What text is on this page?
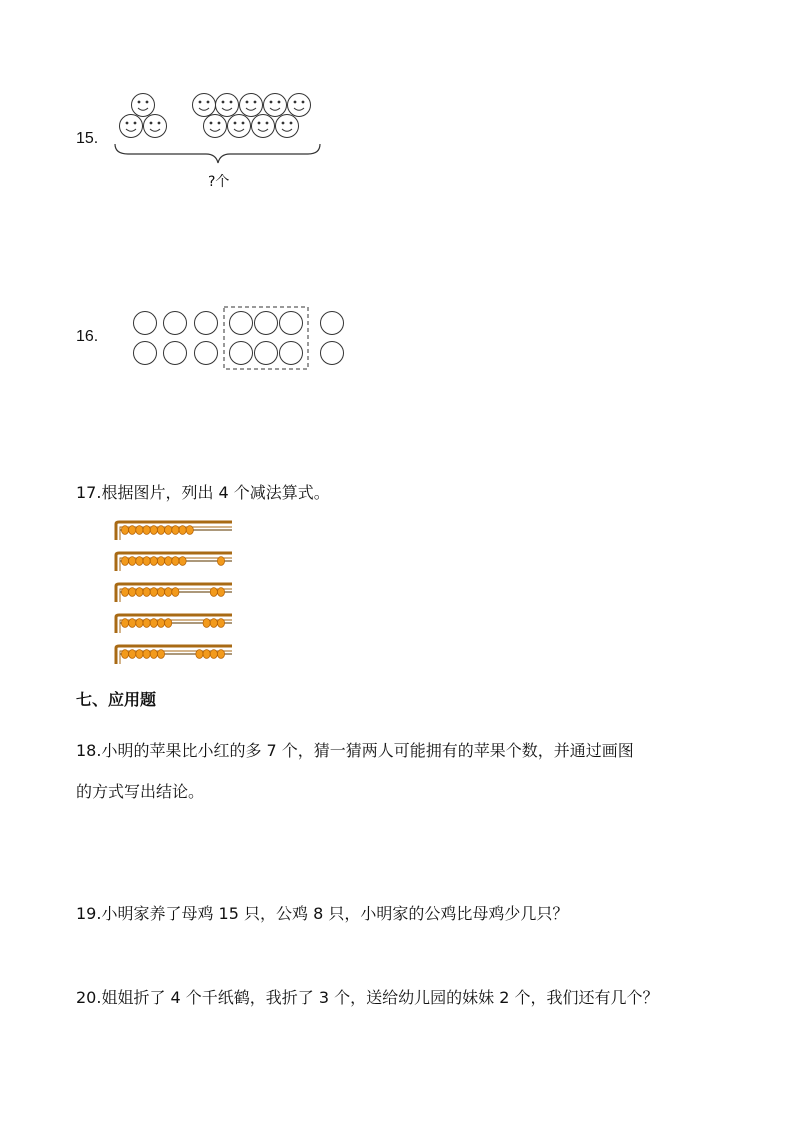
15.
?个
16.
17.根据图片，列出 4 个减法算式。
七、应用题
18.小明的苹果比小红的多 7 个，猜一猜两人可能拥有的苹果个数，并通过画图
的方式写出结论。
19.小明家养了母鸡 15 只，公鸡 8 只，小明家的公鸡比母鸡少几只？
20.姐姐折了 4 个千纸鹤，我折了 3 个，送给幼儿园的妹妹 2 个，我们还有几个？
